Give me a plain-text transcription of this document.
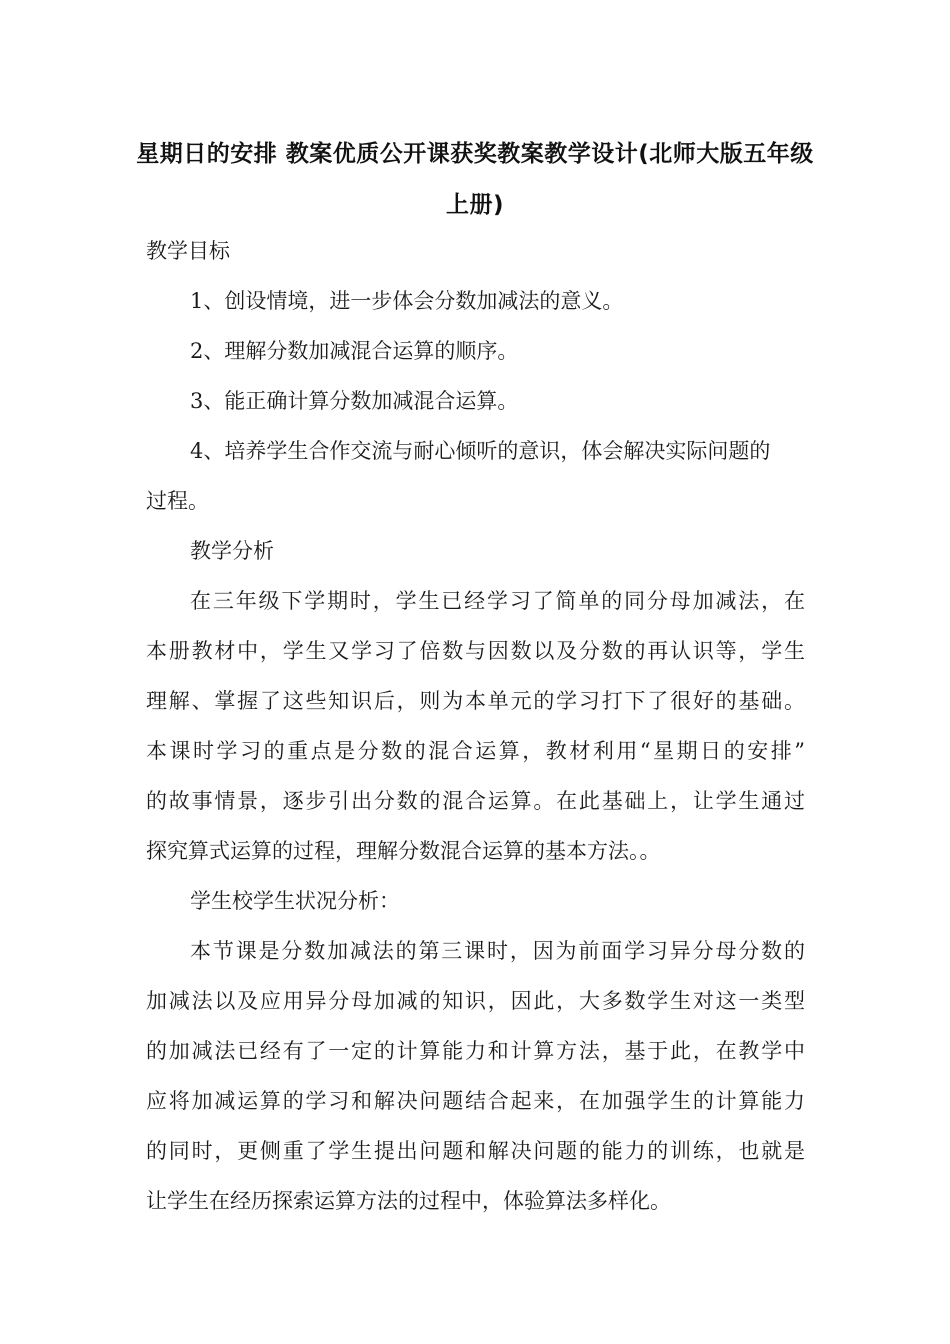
星期日的安排 教案优质公开课获奖教案教学设计(北师大版五年级
上册)
教学目标
1、创设情境，进一步体会分数加减法的意义。
2、理解分数加减混合运算的顺序。
3、能正确计算分数加减混合运算。
4、培养学生合作交流与耐心倾听的意识，体会解决实际问题的
过程。
教学分析
在三年级下学期时，学生已经学习了简单的同分母加减法，在
本册教材中，学生又学习了倍数与因数以及分数的再认识等，学生
理解、掌握了这些知识后，则为本单元的学习打下了很好的基础。
本课时学习的重点是分数的混合运算，教材利用“星期日的安排”
的故事情景，逐步引出分数的混合运算。在此基础上，让学生通过
探究算式运算的过程，理解分数混合运算的基本方法。。
学生校学生状况分析：
本节课是分数加减法的第三课时，因为前面学习异分母分数的
加减法以及应用异分母加减的知识，因此，大多数学生对这一类型
的加减法已经有了一定的计算能力和计算方法，基于此，在教学中
应将加减运算的学习和解决问题结合起来，在加强学生的计算能力
的同时，更侧重了学生提出问题和解决问题的能力的训练，也就是
让学生在经历探索运算方法的过程中，体验算法多样化。
